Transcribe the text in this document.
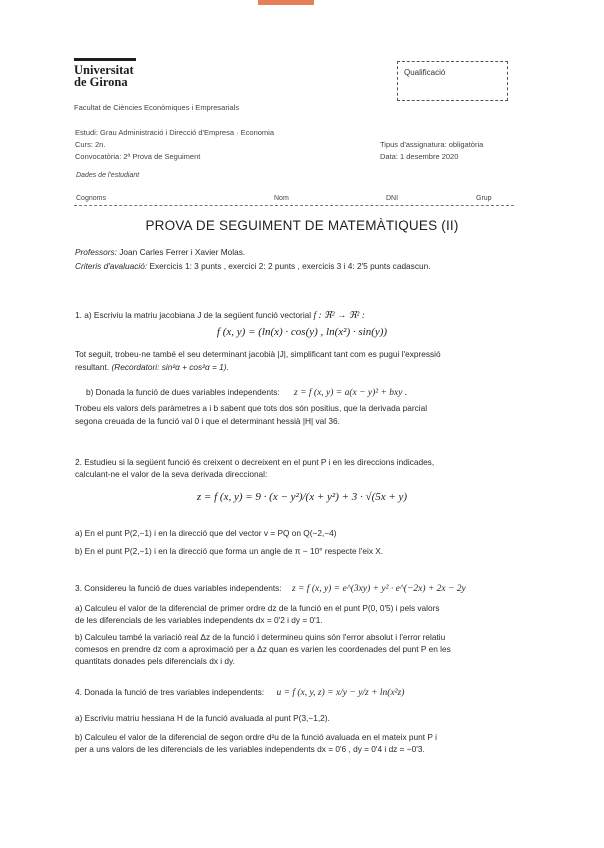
Universitat
de Girona
Facultat de Ciències Econòmiques i Empresarials
Qualificació
Estudi: Grau Administració i Direcció d'Empresa · Economia
Curs: 2n.
Convocatòria: 2ª Prova de Seguiment
Tipus d'assignatura: obligatòria
Data: 1 desembre 2020
Dades de l'estudiant
Cognoms	Nom	DNI	Grup
PROVA DE SEGUIMENT DE MATEMÀTIQUES (II)
Professors: Joan Carles Ferrer i Xavier Molas.
Criteris d'avaluació: Exercicis 1: 3 punts , exercici 2: 2 punts , exercicis 3 i 4: 2'5 punts cadascun.
1. a) Escriviu la matriu jacobiana J de la següent funció vectorial f : ℜ² → ℜ² :
f (x, y) = (ln(x) · cos(y) , ln(x²) · sin(y))
Tot seguit, trobeu-ne també el seu determinant jacobià |J|, simplificant tant com es pugui l'expressió
resultant. (Recordatori: sin²α + cos²α = 1).
b) Donada la funció de dues variables independents: z = f (x, y) = a(x − y)² + bxy .
Trobeu els valors dels paràmetres a i b sabent que tots dos són positius, que la derivada parcial
segona creuada de la funció val 0 i que el determinant hessià |H| val 36.
2. Estudieu si la següent funció és creixent o decreixent en el punt P i en les direccions indicades,
calculant-ne el valor de la seva derivada direccional:
z = f (x, y) = 9 · (x − y²)/(x + y²) + 3 · √(5x + y)
a) En el punt P(2,−1) i en la direcció que del vector v = PQ on Q(−2,−4)
b) En el punt P(2,−1) i en la direcció que forma un angle de π − 10° respecte l'eix X.
3. Considereu la funció de dues variables independents: z = f (x, y) = e^(3xy) + y² · e^(−2x) + 2x − 2y
a) Calculeu el valor de la diferencial de primer ordre dz de la funció en el punt P(0, 0'5) i pels valors
de les diferencials de les variables independents dx = 0'2 i dy = 0'1.
b) Calculeu també la variació real Δz de la funció i determineu quins són l'error absolut i l'error relatiu
comesos en prendre dz com a aproximació per a Δz quan es varien les coordenades del punt P en les
quantitats donades pels diferencials dx i dy.
4. Donada la funció de tres variables independents: u = f (x, y, z) = x/y − y/z + ln(x²z)
a) Escriviu matriu hessiana H de la funció avaluada al punt P(3,−1,2).
b) Calculeu el valor de la diferencial de segon ordre d²u de la funció avaluada en el mateix punt P i
per a uns valors de les diferencials de les variables independents dx = 0'6 , dy = 0'4 i dz = −0'3.
